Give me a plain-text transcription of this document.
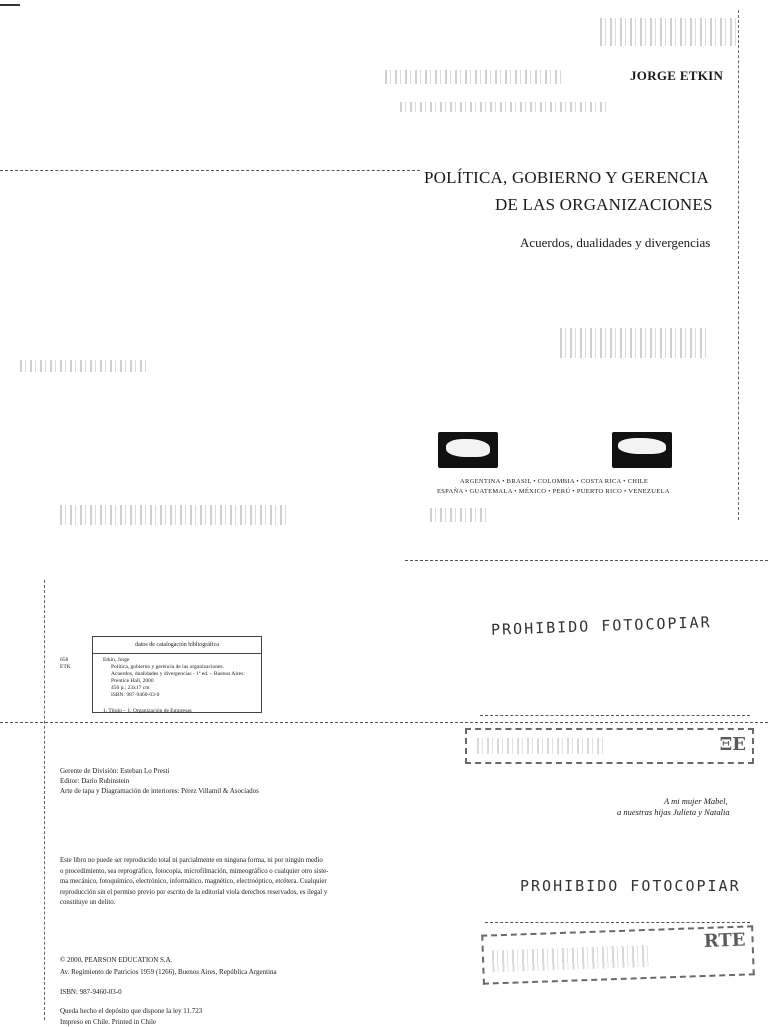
JORGE ETKIN
POLÍTICA, GOBIERNO Y GERENCIA
DE LAS ORGANIZACIONES
Acuerdos, dualidades y divergencias
ARGENTINA • BRASIL • COLOMBIA • COSTA RICA • CHILE
ESPAÑA • GUATEMALA • MÉXICO • PERÚ • PUERTO RICO • VENEZUELA
datos de catalogación bibliográfica
658
ETK
Etkin, Jorge
Política, gobierno y gerencia de las organizaciones.
Acuerdos, dualidades y divergencias - 1ª ed. – Buenos Aires:
Prentice Hall, 2000
456 p.; 23x17 cm
ISBN: 987-9460-03-0
1. Título – 1. Organización de Empresas
Gerente de División: Esteban Lo Presti
Editor: Darío Rubinstein
Arte de tapa y Diagramación de interiores: Pérez Villamil & Asociados
Este libro no puede ser reproducido total ni parcialmente en ninguna forma, ni por ningún medio
o procedimiento, sea reprográfico, fotocopia, microfilmación, mimeográfico o cualquier otro siste-
ma mecánico, fotoquímico, electrónico, informático, magnético, electroóptico, etcétera. Cualquier
reproducción sin el permiso previo por escrito de la editorial viola derechos reservados, es ilegal y
constituye un delito.
© 2000, PEARSON EDUCATION S.A.
Av. Regimiento de Patricios 1959 (1266), Buenos Aires, República Argentina
ISBN: 987-9460-03-0
Queda hecho el depósito que dispone la ley 11.723
Impreso en Chile. Printed in Chile
A mi mujer Mabel,
a nuestras hijas Julieta y Natalia
PROHIBIDO FOTOCOPIAR
PROHIBIDO FOTOCOPIAR
ΞE
RTE
